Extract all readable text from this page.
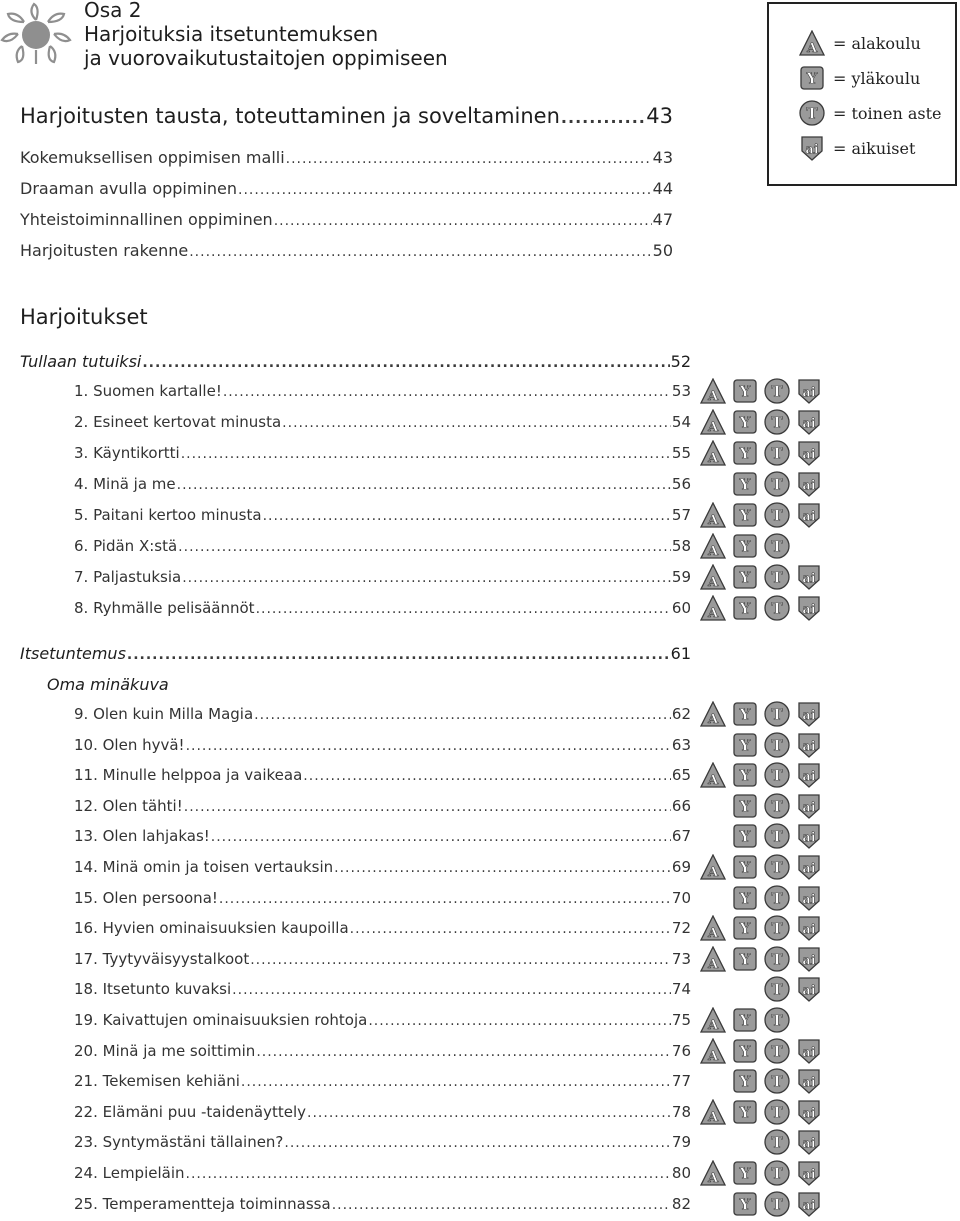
Osa 2
Harjoituksia itsetuntemuksen
ja vuorovaikutustaitojen oppimiseen	A = alakoulu
Y = yläkoulu
T = toinen aste
ai = aikuiset
Harjoitusten tausta, toteuttaminen ja soveltaminen .....	43
Kokemuksellisen oppimisen malli .....	43
Draaman avulla oppiminen .....	44
Yhteistoiminnallinen oppiminen .....	47
Harjoitusten rakenne .....	50
Harjoitukset
Tullaan tutuiksi .....	52
1. Suomen kartalle! .....	53 A Y T ai
2. Esineet kertovat minusta .....	54 A Y T ai
3. Käyntikortti .....	55 A Y T ai
4. Minä ja me .....	56	Y T ai
5. Paitani kertoo minusta .....	57 A Y T ai
6. Pidän X:stä .....	58 A Y T
7. Paljastuksia .....	59 A Y T ai
8. Ryhmälle pelisäännöt .....	60 A Y T ai
Itsetuntemus .....	61
Oma minäkuva
9. Olen kuin Milla Magia .....	62 A Y T ai
10. Olen hyvä! .....	63	Y T ai
11. Minulle helppoa ja vaikeaa .....	65 A Y T ai
12. Olen tähti! .....	66	Y T ai
13. Olen lahjakas! .....	67	Y T ai
14. Minä omin ja toisen vertauksin .....	69 A Y T ai
15. Olen persoona! .....	70	Y T ai
16. Hyvien ominaisuuksien kaupoilla .....	72 A Y T ai
17. Tyytyväisyystalkoot .....	73 A Y T ai
18. Itsetunto kuvaksi .....	74	T ai
19. Kaivattujen ominaisuuksien rohtoja .....	75 A Y T
20. Minä ja me soittimin .....	76 A Y T ai
21. Tekemisen kehiäni .....	77	Y T ai
22. Elämäni puu -taidenäyttely .....	78 A Y T ai
23. Syntymästäni tällainen? .....	79	T ai
24. Lempieläin .....	80 A Y T ai
25. Temperamentteja toiminnassa .....	82	Y T ai
